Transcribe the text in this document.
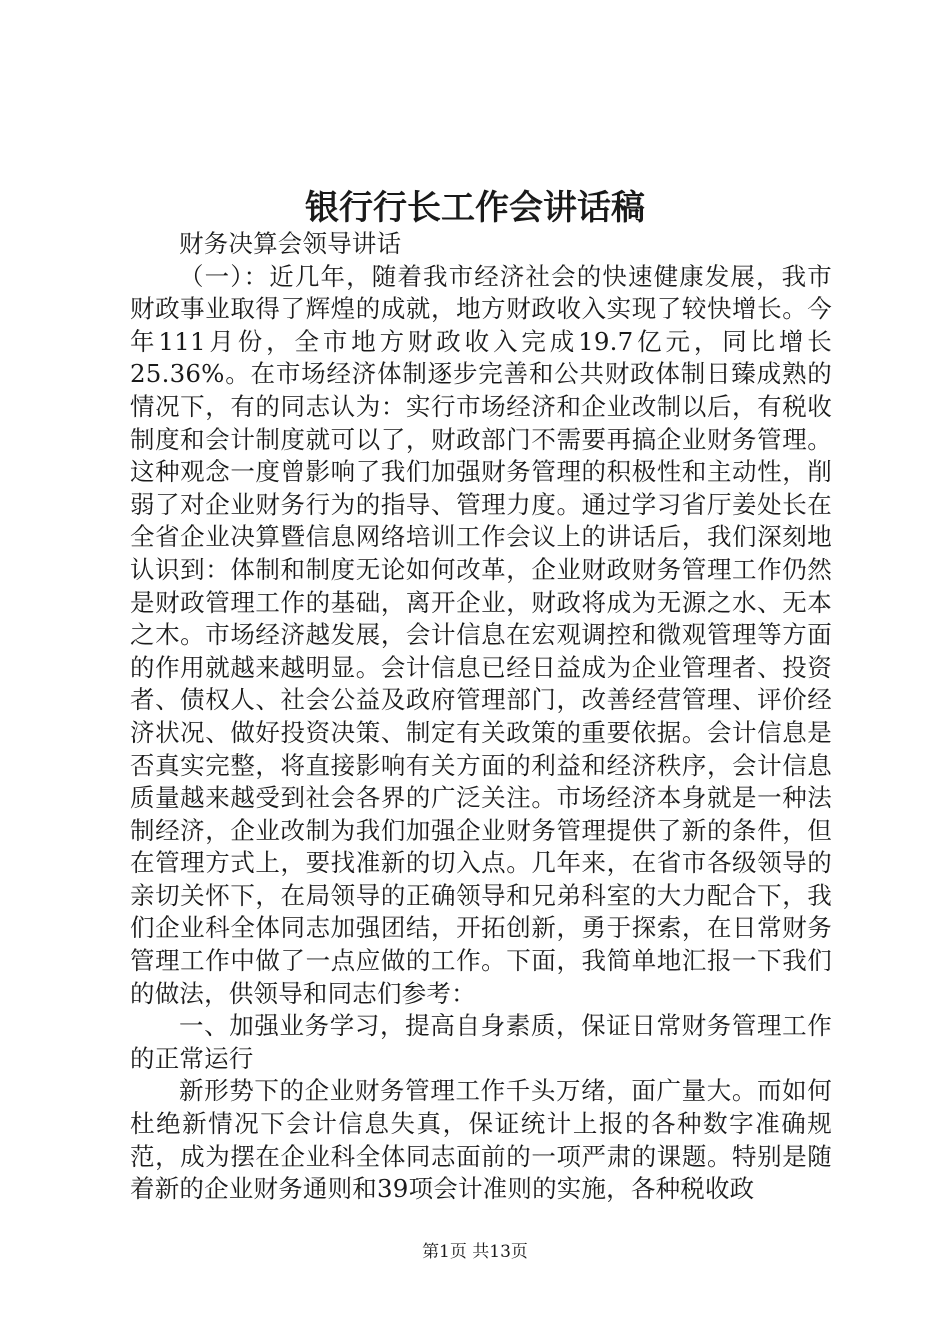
银行行长工作会讲话稿

财务决算会领导讲话

（一）：近几年，随着我市经济社会的快速健康发展，我市财政事业取得了辉煌的成就，地方财政收入实现了较快增长。今年111月份，全市地方财政收入完成19.7亿元，同比增长25.36%。在市场经济体制逐步完善和公共财政体制日臻成熟的情况下，有的同志认为：实行市场经济和企业改制以后，有税收制度和会计制度就可以了，财政部门不需要再搞企业财务管理。这种观念一度曾影响了我们加强财务管理的积极性和主动性，削弱了对企业财务行为的指导、管理力度。通过学习省厅姜处长在全省企业决算暨信息网络培训工作会议上的讲话后，我们深刻地认识到：体制和制度无论如何改革，企业财政财务管理工作仍然是财政管理工作的基础，离开企业，财政将成为无源之水、无本之木。市场经济越发展，会计信息在宏观调控和微观管理等方面的作用就越来越明显。会计信息已经日益成为企业管理者、投资者、债权人、社会公益及政府管理部门，改善经营管理、评价经济状况、做好投资决策、制定有关政策的重要依据。会计信息是否真实完整，将直接影响有关方面的利益和经济秩序，会计信息质量越来越受到社会各界的广泛关注。市场经济本身就是一种法制经济，企业改制为我们加强企业财务管理提供了新的条件，但在管理方式上，要找准新的切入点。几年来，在省市各级领导的亲切关怀下，在局领导的正确领导和兄弟科室的大力配合下，我们企业科全体同志加强团结，开拓创新，勇于探索，在日常财务管理工作中做了一点应做的工作。下面，我简单地汇报一下我们的做法，供领导和同志们参考：

一、加强业务学习，提高自身素质，保证日常财务管理工作的正常运行

新形势下的企业财务管理工作千头万绪，面广量大。而如何杜绝新情况下会计信息失真，保证统计上报的各种数字准确规范，成为摆在企业科全体同志面前的一项严肃的课题。特别是随着新的企业财务通则和39项会计准则的实施，各种税收政

第1页 共13页
